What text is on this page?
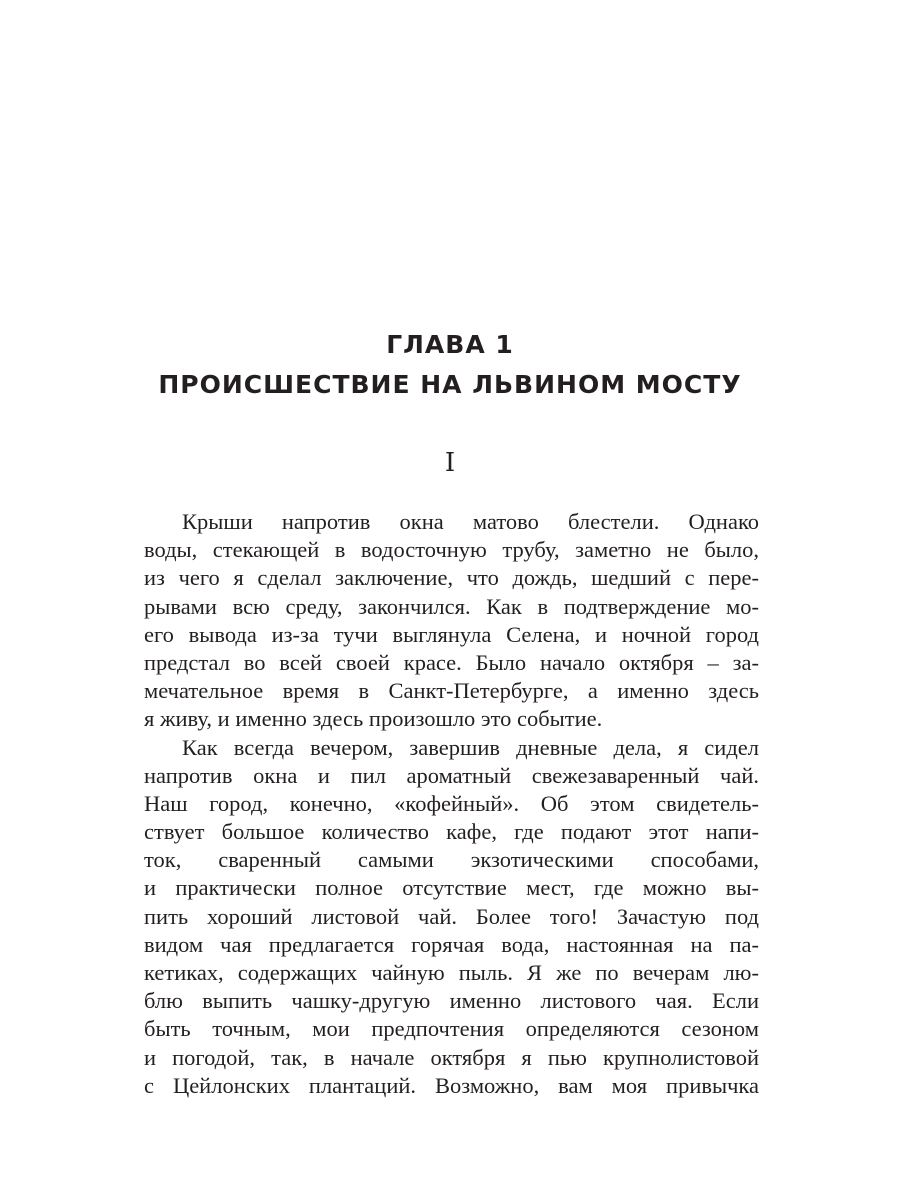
ГЛАВА 1
ПРОИСШЕСТВИЕ НА ЛЬВИНОМ МОСТУ
I
Крыши напротив окна матово блестели. Однако
воды, стекающей в водосточную трубу, заметно не было,
из чего я сделал заключение, что дождь, шедший с пере-
рывами всю среду, закончился. Как в подтверждение мо-
его вывода из-за тучи выглянула Селена, и ночной город
предстал во всей своей красе. Было начало октября – за-
мечательное время в Санкт-Петербурге, а именно здесь
я живу, и именно здесь произошло это событие.
Как всегда вечером, завершив дневные дела, я сидел
напротив окна и пил ароматный свежезаваренный чай.
Наш город, конечно, «кофейный». Об этом свидетель-
ствует большое количество кафе, где подают этот напи-
ток, сваренный самыми экзотическими способами,
и практически полное отсутствие мест, где можно вы-
пить хороший листовой чай. Более того! Зачастую под
видом чая предлагается горячая вода, настоянная на па-
кетиках, содержащих чайную пыль. Я же по вечерам лю-
блю выпить чашку-другую именно листового чая. Если
быть точным, мои предпочтения определяются сезоном
и погодой, так, в начале октября я пью крупнолистовой
с Цейлонских плантаций. Возможно, вам моя привычка
